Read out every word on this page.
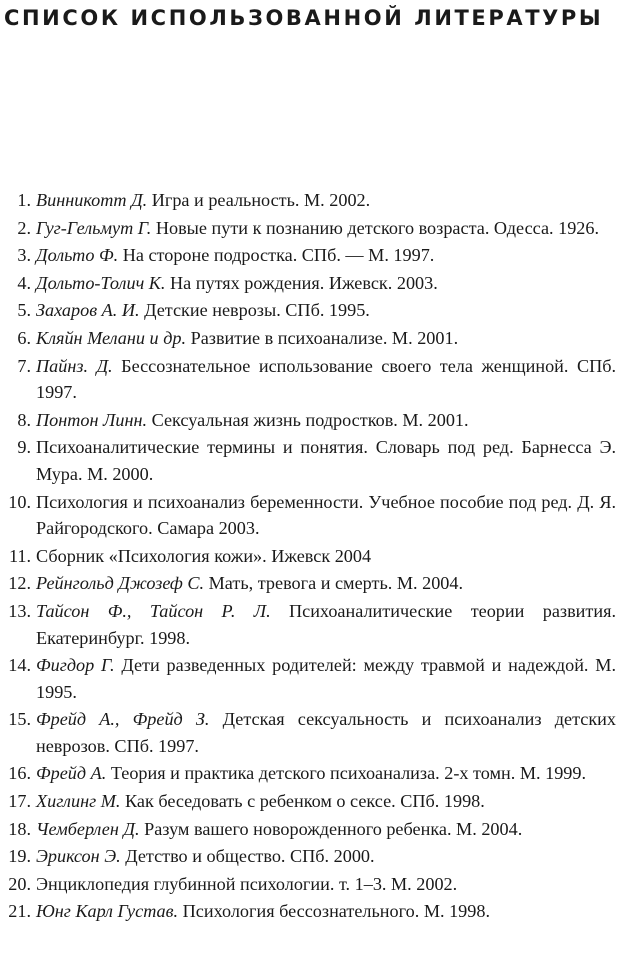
СПИСОК ИСПОЛЬЗОВАННОЙ ЛИТЕРАТУРЫ
1. Винникотт Д. Игра и реальность. М. 2002.
2. Гуг-Гельмут Г. Новые пути к познанию детского возраста. Одесса. 1926.
3. Дольто Ф. На стороне подростка. СПб. — М. 1997.
4. Дольто-Толич К. На путях рождения. Ижевск. 2003.
5. Захаров А. И. Детские неврозы. СПб. 1995.
6. Кляйн Мелани и др. Развитие в психоанализе. М. 2001.
7. Пайнз. Д. Бессознательное использование своего тела женщиной. СПб. 1997.
8. Понтон Линн. Сексуальная жизнь подростков. М. 2001.
9. Психоаналитические термины и понятия. Словарь под ред. Барнесса Э. Мура. М. 2000.
10. Психология и психоанализ беременности. Учебное пособие под ред. Д. Я. Райгородского. Самара 2003.
11. Сборник «Психология кожи». Ижевск 2004
12. Рейнгольд Джозеф С. Мать, тревога и смерть. М. 2004.
13. Тайсон Ф., Тайсон Р. Л. Психоаналитические теории развития. Екатеринбург. 1998.
14. Фигдор Г. Дети разведенных родителей: между травмой и надеждой. М. 1995.
15. Фрейд А., Фрейд З. Детская сексуальность и психоанализ детских неврозов. СПб. 1997.
16. Фрейд А. Теория и практика детского психоанализа. 2-х томн. М. 1999.
17. Хиглинг М. Как беседовать с ребенком о сексе. СПб. 1998.
18. Чемберлен Д. Разум вашего новорожденного ребенка. М. 2004.
19. Эриксон Э. Детство и общество. СПб. 2000.
20. Энциклопедия глубинной психологии. т. 1–3. М. 2002.
21. Юнг Карл Густав. Психология бессознательного. М. 1998.
